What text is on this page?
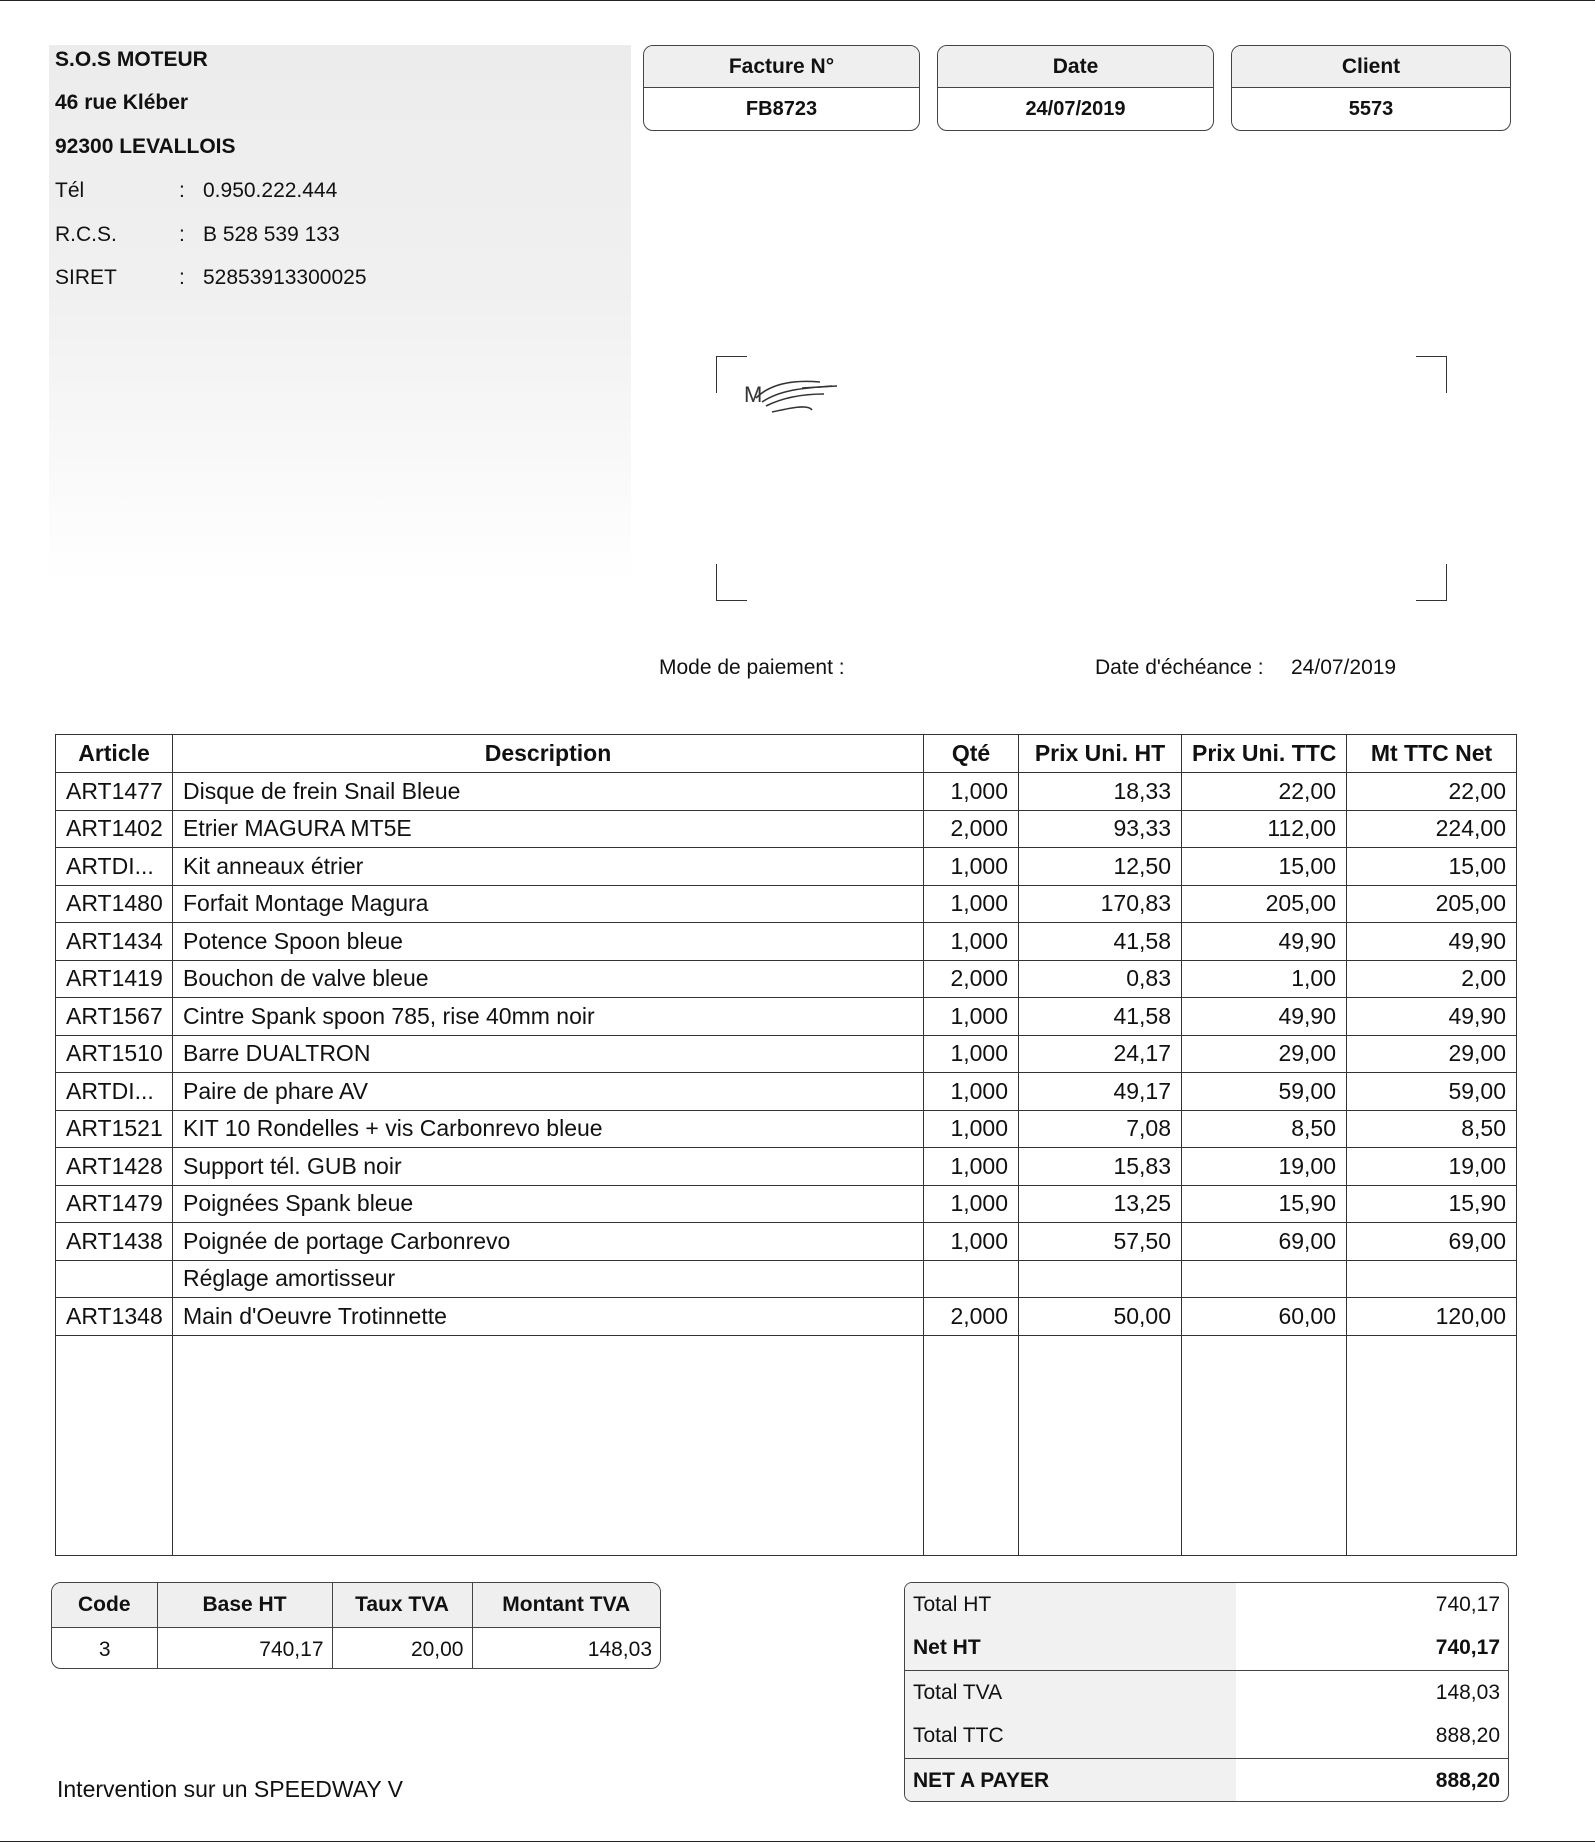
S.O.S MOTEUR
46 rue Kléber
92300 LEVALLOIS
Tél	: 0.950.222.444
R.C.S.	: B 528 539 133
SIRET	: 52853913300025
Facture N°
FB8723
Date
24/07/2019
Client
5573
M
Mode de paiement :	Date d'échéance : 24/07/2019
Article	Description	Qté	Prix Uni. HT	Prix Uni. TTC	Mt TTC Net
ART1477	Disque de frein Snail Bleue	1,000	18,33	22,00	22,00
ART1402	Etrier MAGURA MT5E	2,000	93,33	112,00	224,00
ARTDI...	Kit anneaux étrier	1,000	12,50	15,00	15,00
ART1480	Forfait Montage Magura	1,000	170,83	205,00	205,00
ART1434	Potence Spoon bleue	1,000	41,58	49,90	49,90
ART1419	Bouchon de valve bleue	2,000	0,83	1,00	2,00
ART1567	Cintre Spank spoon 785, rise 40mm noir	1,000	41,58	49,90	49,90
ART1510	Barre DUALTRON	1,000	24,17	29,00	29,00
ARTDI...	Paire de phare AV	1,000	49,17	59,00	59,00
ART1521	KIT 10 Rondelles + vis Carbonrevo bleue	1,000	7,08	8,50	8,50
ART1428	Support tél. GUB noir	1,000	15,83	19,00	19,00
ART1479	Poignées Spank bleue	1,000	13,25	15,90	15,90
ART1438	Poignée de portage Carbonrevo	1,000	57,50	69,00	69,00
	Réglage amortisseur				
ART1348	Main d'Oeuvre Trotinnette	2,000	50,00	60,00	120,00

Code	Base HT	Taux TVA	Montant TVA
3	740,17	20,00	148,03
Total HT	740,17
Net HT	740,17
Total TVA	148,03
Total TTC	888,20
NET A PAYER	888,20
Intervention sur un SPEEDWAY V
